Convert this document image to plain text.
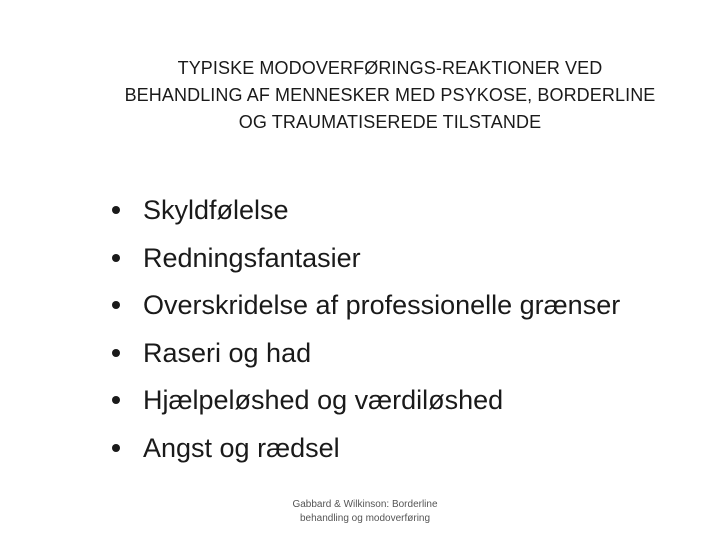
TYPISKE MODOVERFØRINGS-REAKTIONER VED
BEHANDLING AF MENNESKER MED PSYKOSE, BORDERLINE
OG TRAUMATISEREDE TILSTANDE
Skyldfølelse
Redningsfantasier
Overskridelse af professionelle grænser
Raseri og had
Hjælpeløshed og værdiløshed
Angst og rædsel
Gabbard & Wilkinson: Borderline
behandling og modoverføring
